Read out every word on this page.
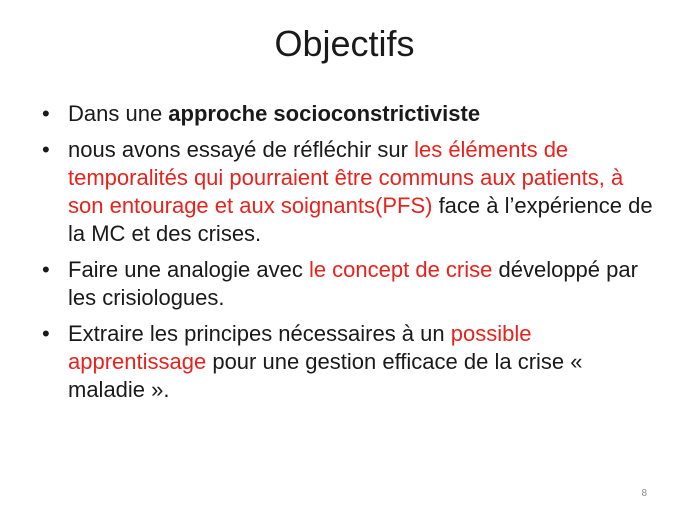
Objectifs
• Dans une approche socioconstrictiviste
• nous avons essayé de réfléchir sur les éléments de temporalités qui pourraient être communs aux patients, à son entourage et aux soignants(PFS) face à l’expérience de la MC et des crises.
• Faire une analogie avec le concept de crise développé par les crisiologues.
• Extraire les principes nécessaires à un possible apprentissage pour une gestion efficace de la crise « maladie ».
8
